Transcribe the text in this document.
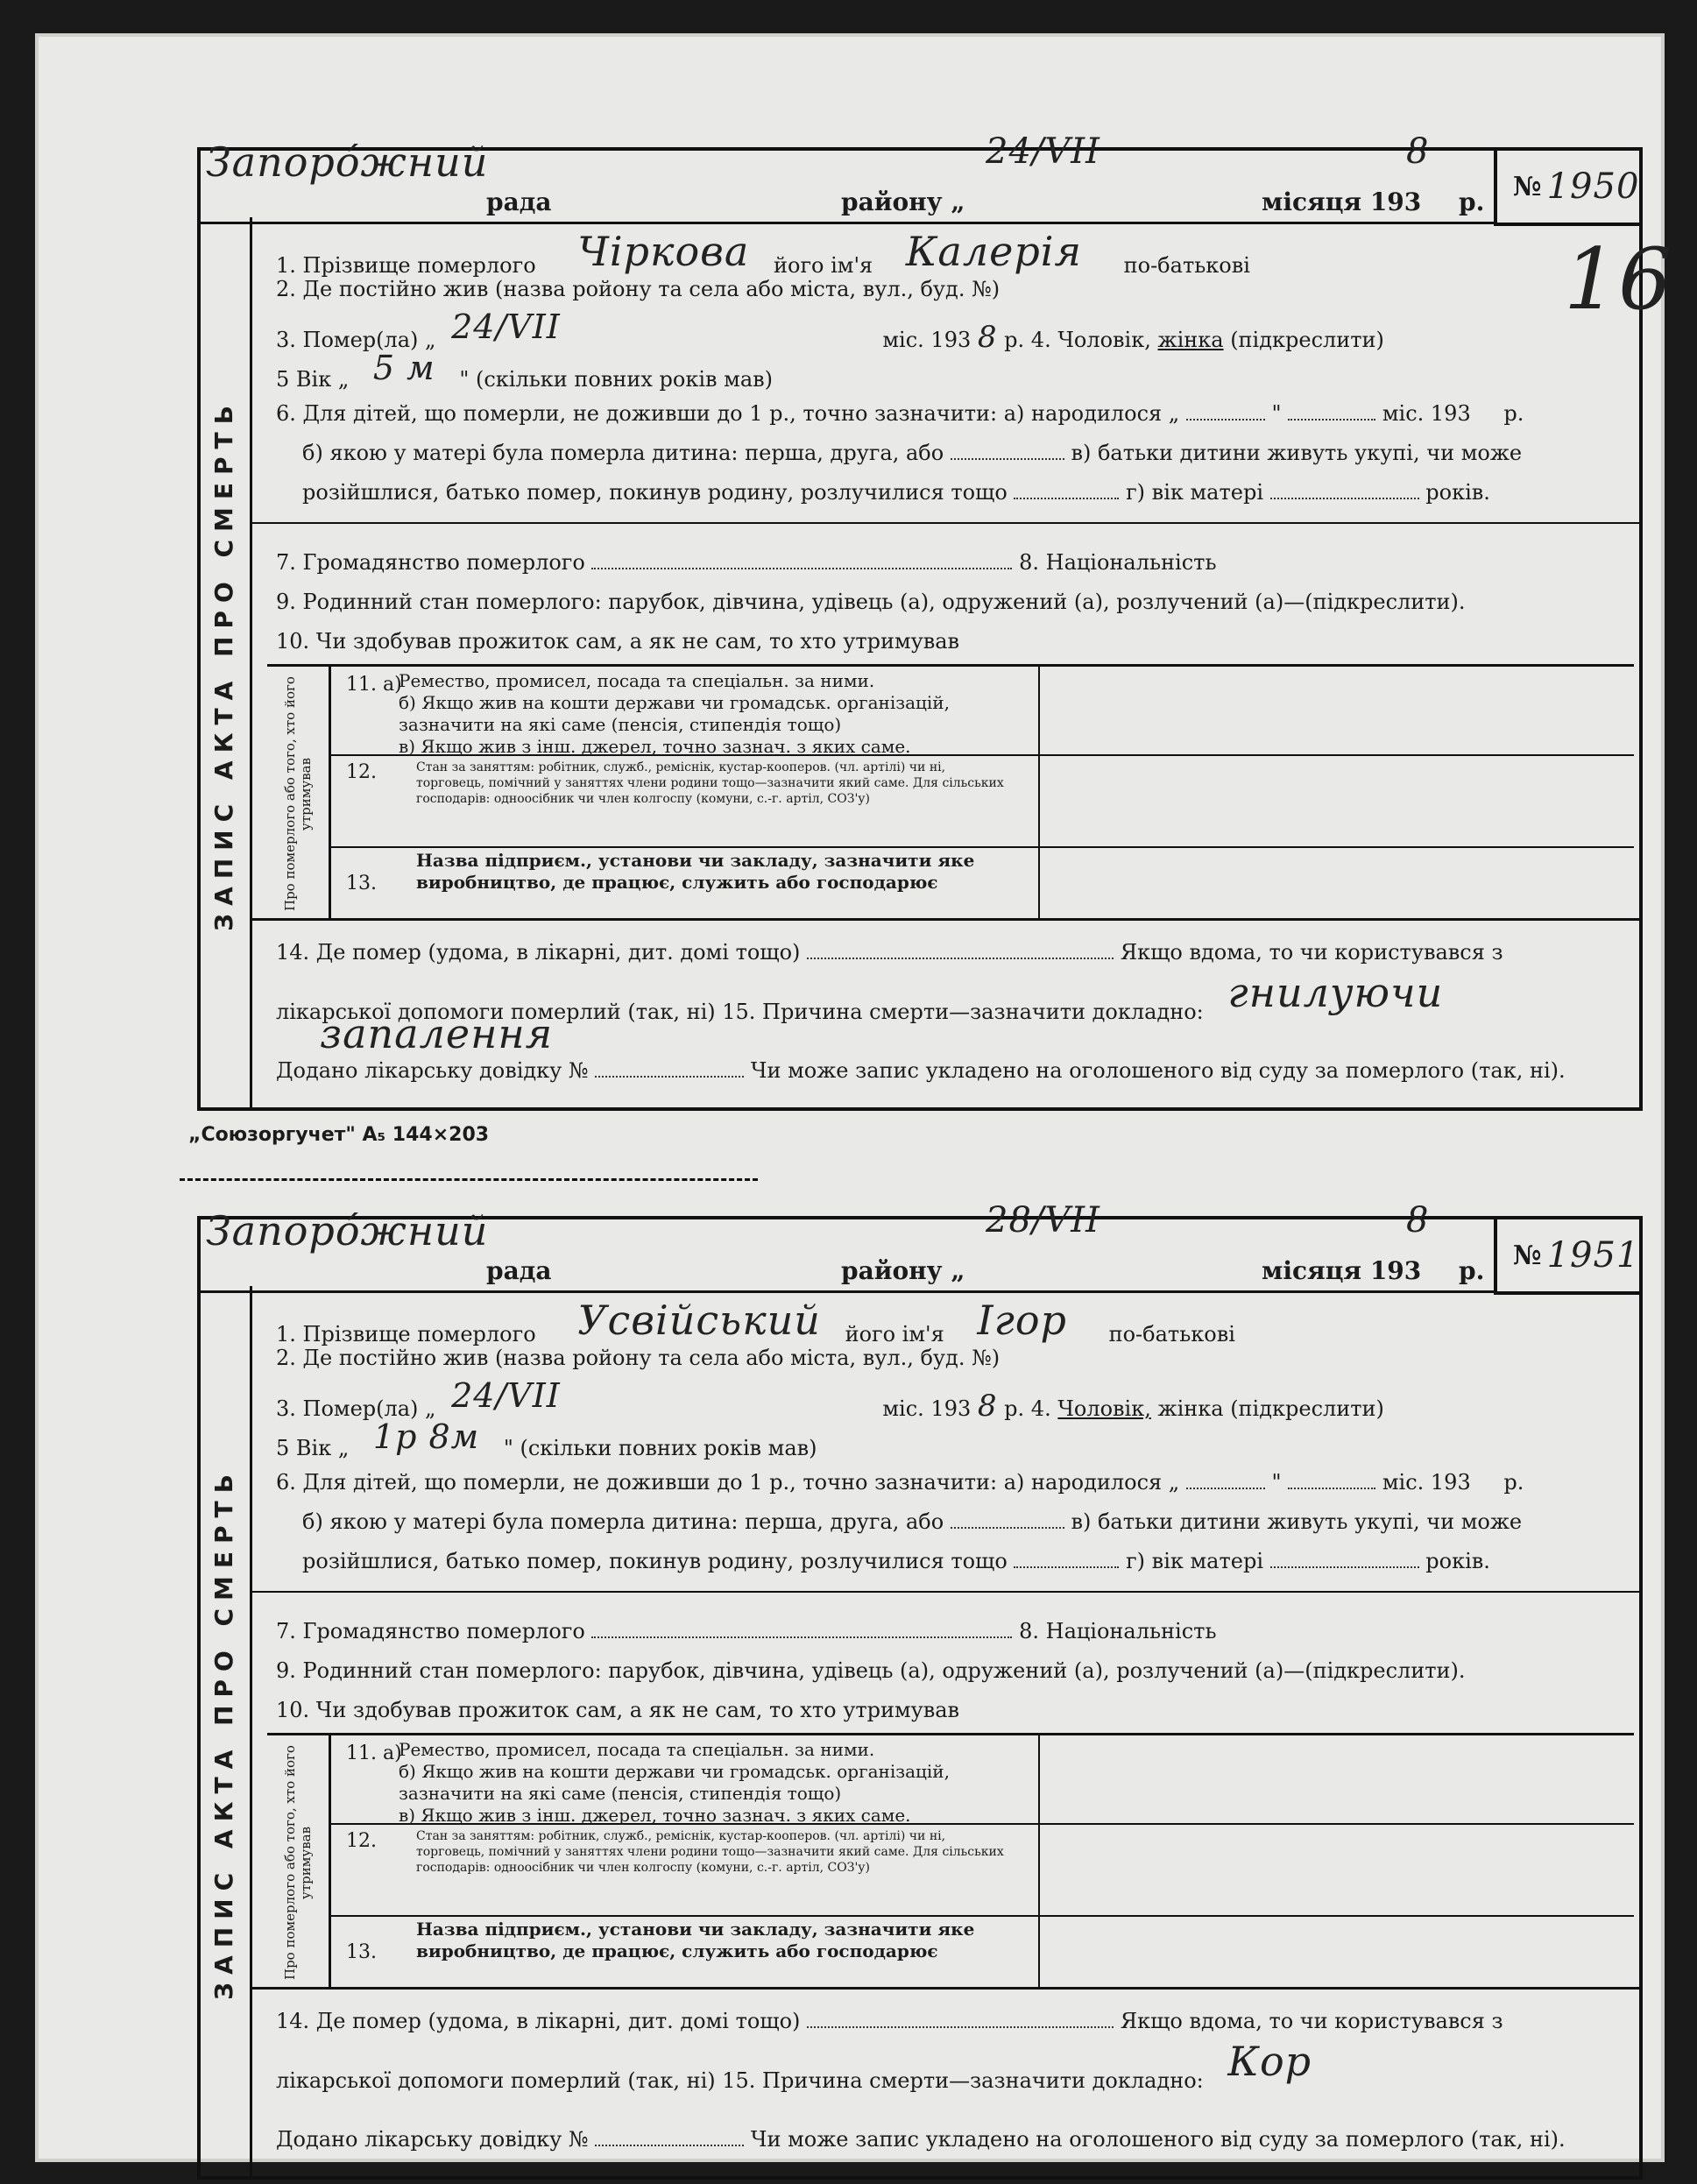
№ 1950
Запоро́жний
рада	району „
24/VII
місяця 193
8
р.
ЗАПИС АКТА ПРО СМЕРТЬ
1. Прізвище померлого Чіркова його ім'я Калерія по-батькові
2. Де постійно жив (назва ройону та села або міста, вул., буд. №)
3. Помер(ла) „ 24/VII	міс. 193 8 р. 4. Чоловік, жінка (підкреслити)
5 Вік „ 5 м " (скільки повних років мав)
6. Для дітей, що померли, не доживши до 1 р., точно зазначити: а) народилося „	"	міс. 193 р.
б) якою у матері була померла дитина: перша, друга, або	в) батьки дитини живуть укупі, чи може
розійшлися, батько помер, покинув родину, розлучилися тощо	г) вік матері	років.
7. Громадянство померлого	8. Національність
9. Родинний стан померлого: парубок, дівчина, удівець (а), одружений (а), розлучений (а)—(підкреслити).
10. Чи здобував прожиток сам, а як не сам, то хто утримував
Про померлого або того, хто його утримував
11. а)
Ремество, промисел, посада та спеціальн. за ними.
б) Якщо жив на кошти держави чи громадськ. організацій, зазначити на які саме (пенсія, стипендія тощо)
в) Якщо жив з інш. джерел, точно зазнач. з яких саме.
12.	Стан за заняттям: робітник, служб., реміснік, кустар-кооперов. (чл. артілі) чи ні, торговець, помічний у заняттях члени родини тощо—зазначити який саме. Для сільських господарів: одноосібник чи член колгоспу (комуни, с.-г. артіл, СОЗ'у)
13.
Назва підприєм., установи чи закладу, зазначити яке виробництво, де працює, служить або господарює
14. Де помер (удома, в лікарні, дит. домі тощо)	Якщо вдома, то чи користувався з
лікарської допомоги померлий (так, ні) 15. Причина смерти—зазначити докладно: гнилуючи
запалення
Додано лікарську довідку №	Чи може запис укладено на оголошеного від суду за померлого (так, ні).
16
„Союзоргучет" А₅ 144×203
№ 1951
Запоро́жний
рада	району „
28/VII
місяця 193
8
р.
ЗАПИС АКТА ПРО СМЕРТЬ
1. Прізвище померлого Усвійський його ім'я Ігор по-батькові
2. Де постійно жив (назва ройону та села або міста, вул., буд. №)
3. Помер(ла) „ 24/VII	міс. 193 8 р. 4. Чоловік, жінка (підкреслити)
5 Вік „ 1р 8м " (скільки повних років мав)
6. Для дітей, що померли, не доживши до 1 р., точно зазначити: а) народилося „	"	міс. 193 р.
б) якою у матері була померла дитина: перша, друга, або	в) батьки дитини живуть укупі, чи може
розійшлися, батько помер, покинув родину, розлучилися тощо	г) вік матері	років.
7. Громадянство померлого	8. Національність
9. Родинний стан померлого: парубок, дівчина, удівець (а), одружений (а), розлучений (а)—(підкреслити).
10. Чи здобував прожиток сам, а як не сам, то хто утримував
Про померлого або того, хто його утримував
11. а)
Ремество, промисел, посада та спеціальн. за ними.
б) Якщо жив на кошти держави чи громадськ. організацій, зазначити на які саме (пенсія, стипендія тощо)
в) Якщо жив з інш. джерел, точно зазнач. з яких саме.
12.	Стан за заняттям: робітник, служб., реміснік, кустар-кооперов. (чл. артілі) чи ні, торговець, помічний у заняттях члени родини тощо—зазначити який саме. Для сільських господарів: одноосібник чи член колгоспу (комуни, с.-г. артіл, СОЗ'у)
13.
Назва підприєм., установи чи закладу, зазначити яке виробництво, де працює, служить або господарює
14. Де помер (удома, в лікарні, дит. домі тощо)	Якщо вдома, то чи користувався з
лікарської допомоги померлий (так, ні) 15. Причина смерти—зазначити докладно: Кор
Додано лікарську довідку №	Чи може запис укладено на оголошеного від суду за померлого (так, ні).
